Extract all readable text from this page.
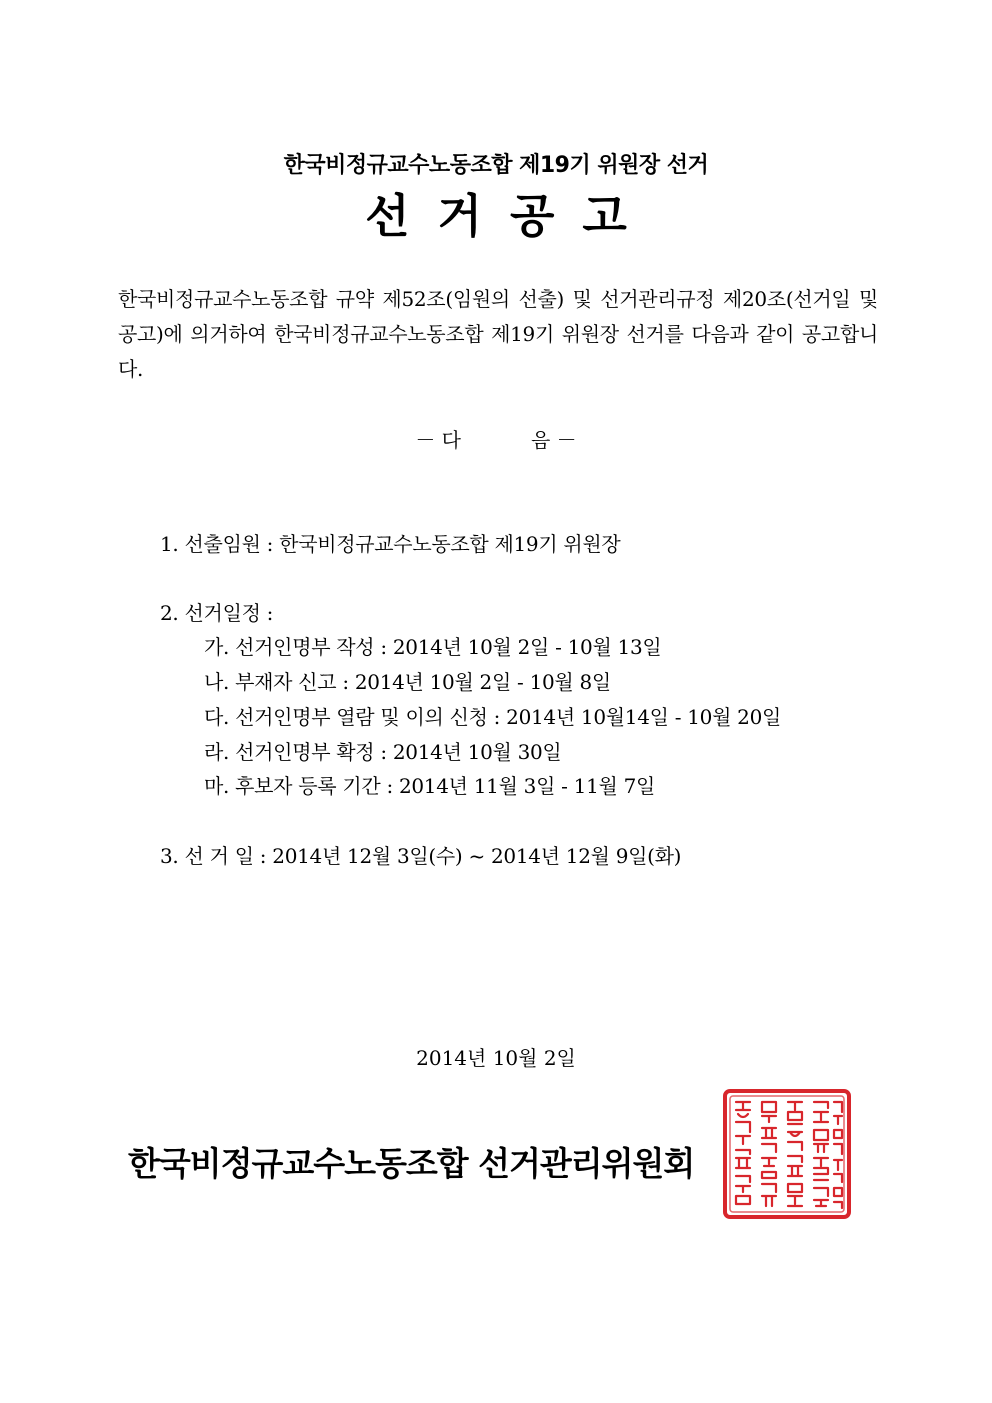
한국비정규교수노동조합 제19기 위원장 선거
선거공고
한국비정규교수노동조합 규약 제52조(임원의 선출) 및 선거관리규정 제20조(선거일 및 공고)에 의거하여 한국비정규교수노동조합 제19기 위원장 선거를 다음과 같이 공고합니다.
－ 다	음 －
1. 선출임원 : 한국비정규교수노동조합 제19기 위원장
2. 선거일정 :
가. 선거인명부 작성 : 2014년 10월 2일 - 10월 13일
나. 부재자 신고 : 2014년 10월 2일 - 10월 8일
다. 선거인명부 열람 및 이의 신청 : 2014년 10월14일 - 10월 20일
라. 선거인명부 확정 : 2014년 10월 30일
마. 후보자 등록 기간 : 2014년 11월 3일 - 11월 7일
3. 선 거 일 : 2014년 12월 3일(수) ~ 2014년 12월 9일(화)
2014년 10월 2일
한국비정규교수노동조합 선거관리위원회
